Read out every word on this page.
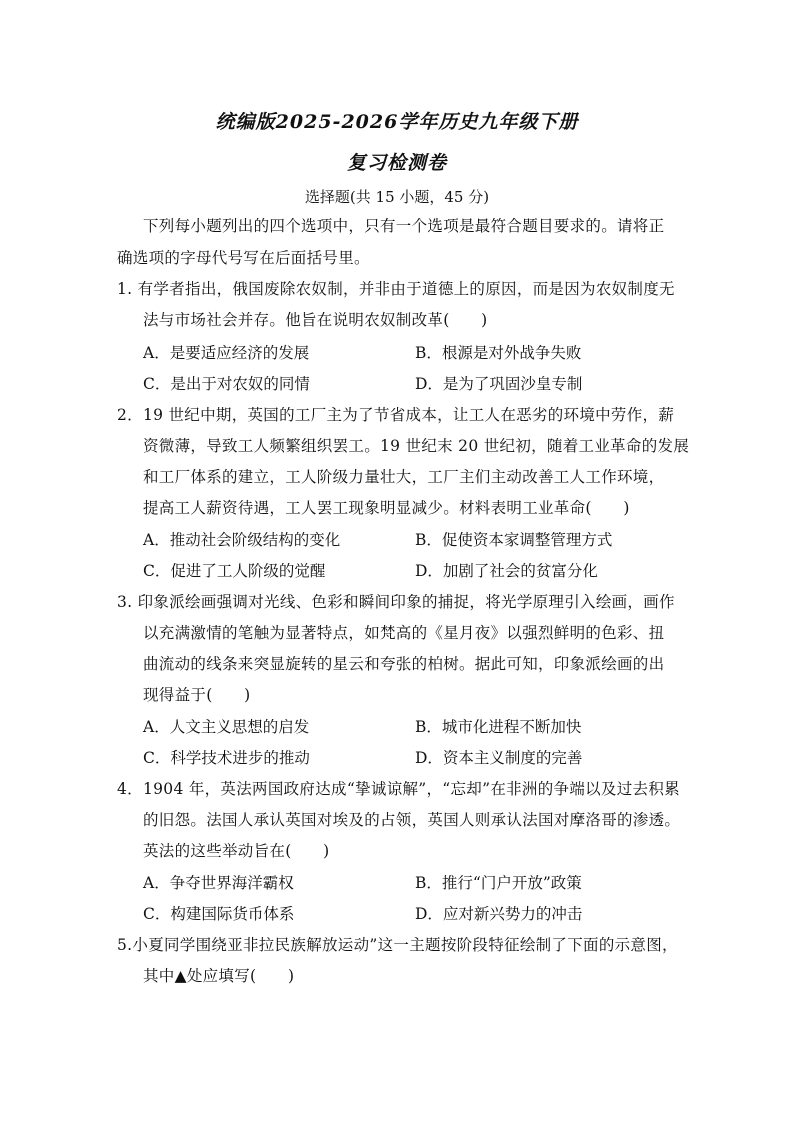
统编版2025-2026学年历史九年级下册
复习检测卷
选择题(共 15 小题，45 分)
下列每小题列出的四个选项中，只有一个选项是最符合题目要求的。请将正
确选项的字母代号写在后面括号里。
1. 有学者指出，俄国废除农奴制，并非由于道德上的原因，而是因为农奴制度无
法与市场社会并存。他旨在说明农奴制改革(　　)
A．是要适应经济的发展	B．根源是对外战争失败
C．是出于对农奴的同情	D．是为了巩固沙皇专制
2．19 世纪中期，英国的工厂主为了节省成本，让工人在恶劣的环境中劳作，薪
资微薄，导致工人频繁组织罢工。19 世纪末 20 世纪初，随着工业革命的发展
和工厂体系的建立，工人阶级力量壮大，工厂主们主动改善工人工作环境，
提高工人薪资待遇，工人罢工现象明显减少。材料表明工业革命(　　)
A．推动社会阶级结构的变化	B．促使资本家调整管理方式
C．促进了工人阶级的觉醒	D．加剧了社会的贫富分化
3. 印象派绘画强调对光线、色彩和瞬间印象的捕捉，将光学原理引入绘画，画作
以充满激情的笔触为显著特点，如梵高的《星月夜》以强烈鲜明的色彩、扭
曲流动的线条来突显旋转的星云和夸张的柏树。据此可知，印象派绘画的出
现得益于(　　)
A．人文主义思想的启发	B．城市化进程不断加快
C．科学技术进步的推动	D．资本主义制度的完善
4．1904 年，英法两国政府达成“挚诚谅解”，“忘却”在非洲的争端以及过去积累
的旧怨。法国人承认英国对埃及的占领，英国人则承认法国对摩洛哥的渗透。
英法的这些举动旨在(　　)
A．争夺世界海洋霸权	B．推行“门户开放”政策
C．构建国际货币体系	D．应对新兴势力的冲击
5.小夏同学围绕亚非拉民族解放运动”这一主题按阶段特征绘制了下面的示意图，
其中▲处应填写(　　)
